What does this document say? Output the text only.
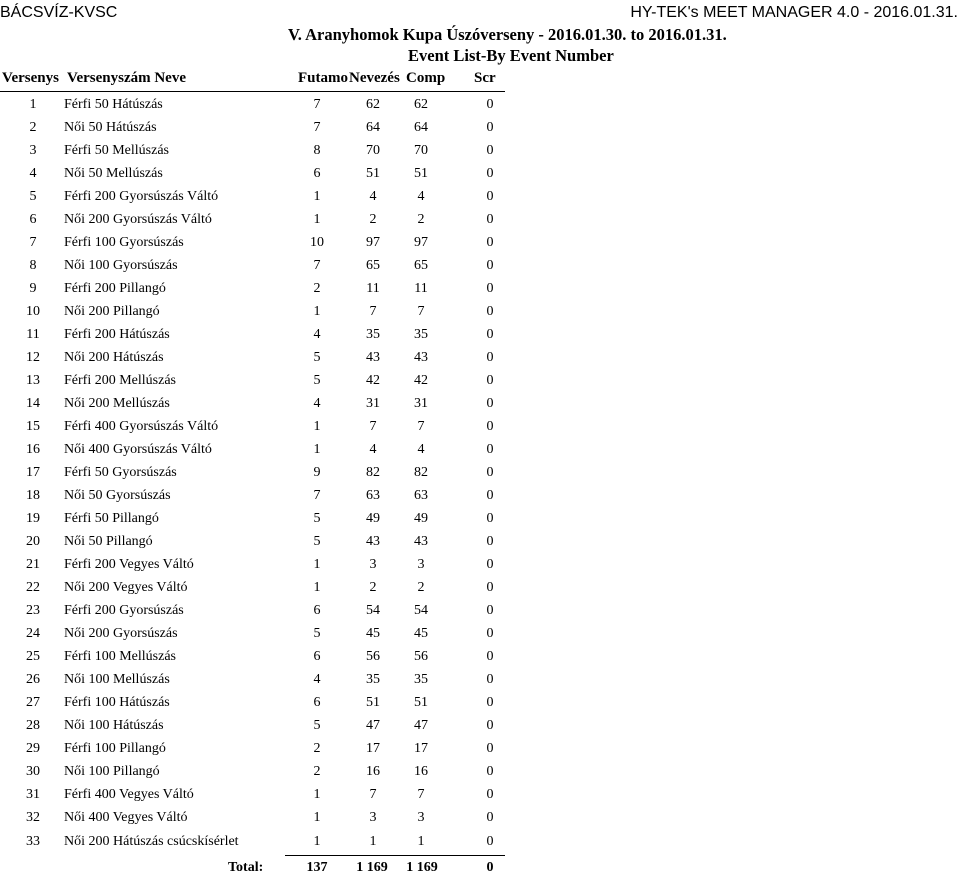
BÁCSVÍZ-KVSC	HY-TEK's MEET MANAGER 4.0 - 2016.01.31.
V. Aranyhomok Kupa Úszóverseny - 2016.01.30. to 2016.01.31.
Event List-By Event Number
Versenys Versenyszám Neve	Futamo Nevezés Comp Scr
1	Férfi 50 Hátúszás	7	62	62	0
2	Női 50 Hátúszás	7	64	64	0
3	Férfi 50 Mellúszás	8	70	70	0
4	Női 50 Mellúszás	6	51	51	0
5	Férfi 200 Gyorsúszás Váltó	1	4	4	0
6	Női 200 Gyorsúszás Váltó	1	2	2	0
7	Férfi 100 Gyorsúszás	10	97	97	0
8	Női 100 Gyorsúszás	7	65	65	0
9	Férfi 200 Pillangó	2	11	11	0
10 Női 200 Pillangó	1	7	7	0
11 Férfi 200 Hátúszás	4	35	35	0
12 Női 200 Hátúszás	5	43	43	0
13 Férfi 200 Mellúszás	5	42	42	0
14 Női 200 Mellúszás	4	31	31	0
15 Férfi 400 Gyorsúszás Váltó	1	7	7	0
16 Női 400 Gyorsúszás Váltó	1	4	4	0
17 Férfi 50 Gyorsúszás	9	82	82	0
18 Női 50 Gyorsúszás	7	63	63	0
19 Férfi 50 Pillangó	5	49	49	0
20 Női 50 Pillangó	5	43	43	0
21 Férfi 200 Vegyes Váltó	1	3	3	0
22 Női 200 Vegyes Váltó	1	2	2	0
23 Férfi 200 Gyorsúszás	6	54	54	0
24 Női 200 Gyorsúszás	5	45	45	0
25 Férfi 100 Mellúszás	6	56	56	0
26 Női 100 Mellúszás	4	35	35	0
27 Férfi 100 Hátúszás	6	51	51	0
28 Női 100 Hátúszás	5	47	47	0
29 Férfi 100 Pillangó	2	17	17	0
30 Női 100 Pillangó	2	16	16	0
31 Férfi 400 Vegyes Váltó	1	7	7	0
32 Női 400 Vegyes Váltó	1	3	3	0
33 Női 200 Hátúszás csúcskísérlet	1	1	1	0
Total:	137	1 169	1 169	0
